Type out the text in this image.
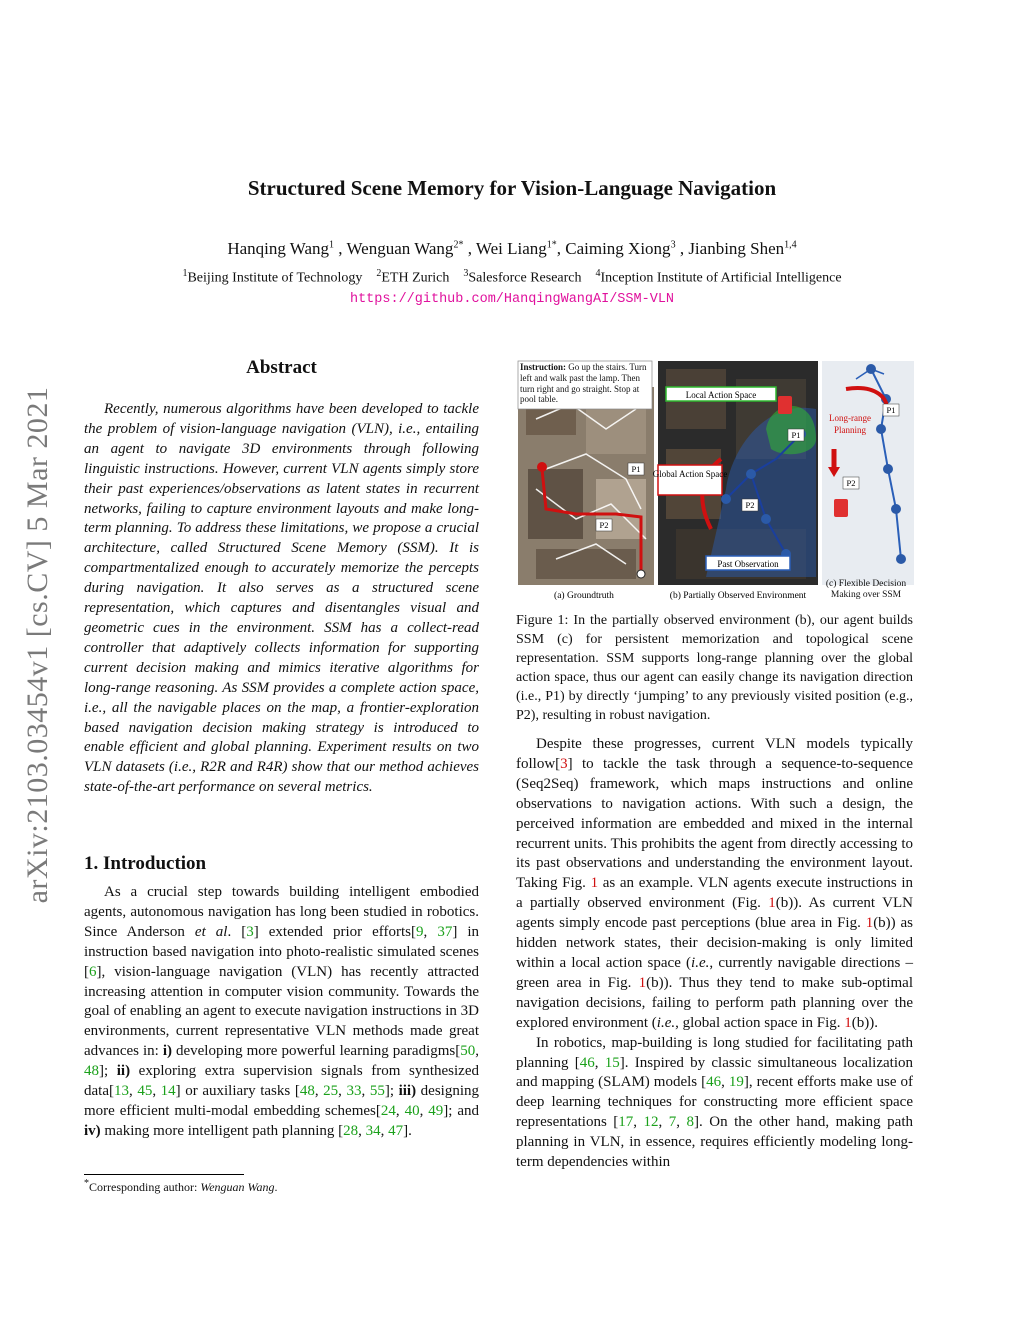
Structured Scene Memory for Vision-Language Navigation
Hanqing Wang$^1$ , Wenguan Wang$^{2*}$ , Wei Liang$^{1*}$, Caiming Xiong$^3$ , Jianbing Shen$^{1,4}$
$^1$Beijing Institute of Technology $^2$ETH Zurich $^3$Salesforce Research $^4$Inception Institute of Artificial Intelligence
https://github.com/HanqingWangAI/SSM-VLN
arXiv:2103.03454v1 [cs.CV] 5 Mar 2021
Abstract

Recently, numerous algorithms have been developed to tackle the problem of vision-language navigation (VLN), i.e., entailing an agent to navigate 3D environments through following linguistic instructions. However, current VLN agents simply store their past experiences/observations as latent states in recurrent networks, failing to capture environment layouts and make long-term planning. To address these limitations, we propose a crucial architecture, called Structured Scene Memory (SSM). It is compartmentalized enough to accurately memorize the percepts during navigation. It also serves as a structured scene representation, which captures and disentangles visual and geometric cues in the environment. SSM has a collect-read controller that adaptively collects information for supporting current decision making and mimics iterative algorithms for long-range reasoning. As SSM provides a complete action space, i.e., all the navigable places on the map, a frontier-exploration based navigation decision making strategy is introduced to enable efficient and global planning. Experiment results on two VLN datasets (i.e., R2R and R4R) show that our method achieves state-of-the-art performance on several metrics.

1. Introduction

As a crucial step towards building intelligent embodied agents, autonomous navigation has long been studied in robotics. Since Anderson et al. [3] extended prior efforts[9, 37] in instruction based navigation into photo-realistic simulated scenes [6], vision-language navigation (VLN) has recently attracted increasing attention in computer vision community. Towards the goal of enabling an agent to execute navigation instructions in 3D environments, current representative VLN methods made great advances in: i) developing more powerful learning paradigms[50, 48]; ii) exploring extra supervision signals from synthesized data[13, 45, 14] or auxiliary tasks [48, 25, 33, 55]; iii) designing more efficient multi-modal embedding schemes[24, 40, 49]; and iv) making more intelligent path planning [28, 34, 47].

*Corresponding author: Wenguan Wang.
P2
P1
Instruction: Go up the stairs. Turn left and walk past the lamp. Then turn right and go straight. Stop at pool table.	Local Action Space
Global Action Space
Past Observation
P2
P1
Long-range
Planning
P1
P2
(a) Groundtruth	(b) Partially Observed Environment
(c) Flexible Decision Making over SSM
Figure 1: In the partially observed environment (b), our agent builds SSM (c) for persistent memorization and topological scene representation. SSM supports long-range planning over the global action space, thus our agent can easily change its navigation direction (i.e., P1) by directly ‘jumping’ to any previously visited position (e.g., P2), resulting in robust navigation.

Despite these progresses, current VLN models typically follow[3] to tackle the task through a sequence-to-sequence (Seq2Seq) framework, which maps instructions and online observations to navigation actions. With such a design, the perceived information are embedded and mixed in the internal recurrent units. This prohibits the agent from directly accessing to its past observations and understanding the environment layout. Taking Fig. 1 as an example. VLN agents execute instructions in a partially observed environment (Fig. 1(b)). As current VLN agents simply encode past perceptions (blue area in Fig. 1(b)) as hidden network states, their decision-making is only limited within a local action space (i.e., currently navigable directions – green area in Fig. 1(b)). Thus they tend to make sub-optimal navigation decisions, failing to perform path planning over the explored environment (i.e., global action space in Fig. 1(b)).

In robotics, map-building is long studied for facilitating path planning [46, 15]. Inspired by classic simultaneous localization and mapping (SLAM) models [46, 19], recent efforts make use of deep learning techniques for constructing more efficient space representations [17, 12, 7, 8]. On the other hand, making path planning in VLN, in essence, requires efficiently modeling long-term dependencies within
